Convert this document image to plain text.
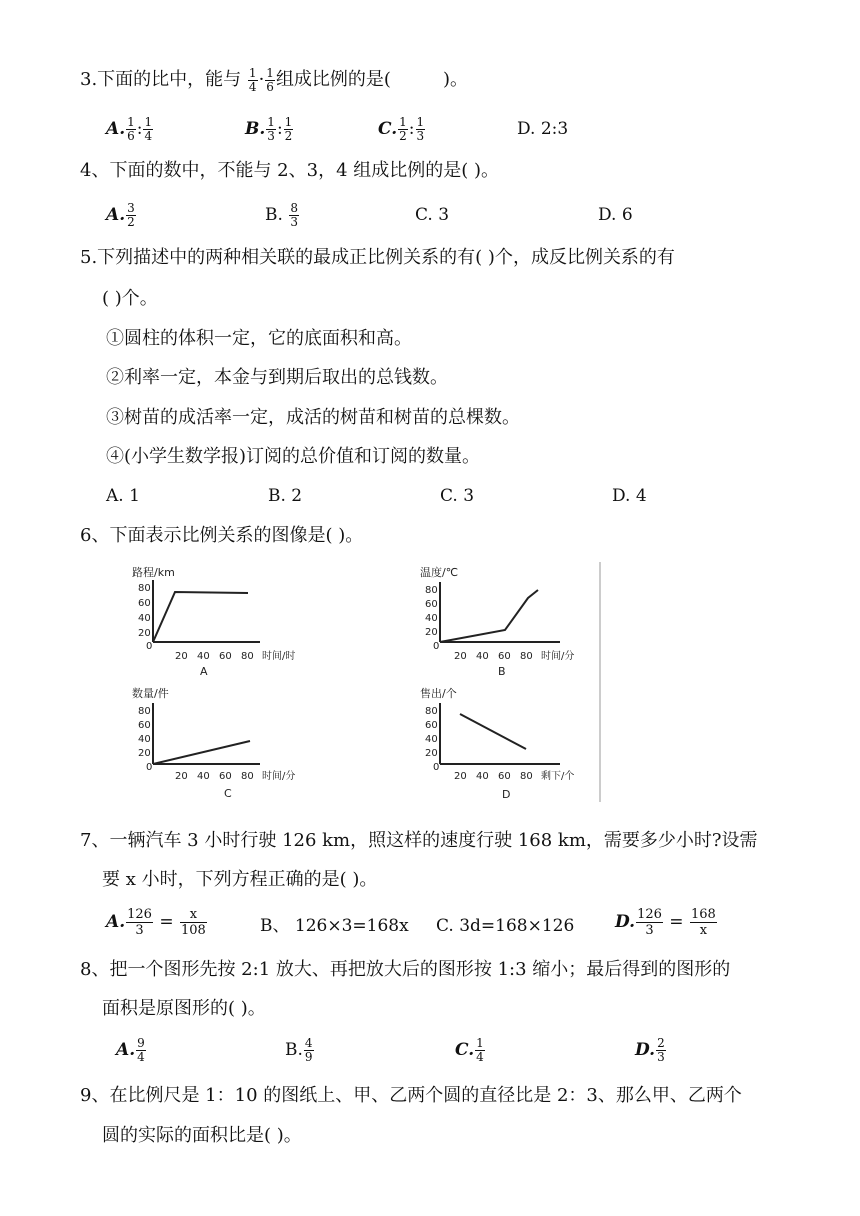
3.下面的比中，能与 $\frac{1}{4} \cdot \frac{1}{6}$ 组成比例的是(	)。
A. $\frac{1}{6}$ : $\frac{1}{4}$	B. $\frac{1}{3}$ : $\frac{1}{2}$	C. $\frac{1}{2}$ : $\frac{1}{3}$	D. 2:3
4、下面的数中，不能与 2、3，4 组成比例的是( )。
A. $\frac{3}{2}$	B. $\frac{8}{3}$	C. 3	D. 6
5.下列描述中的两种相关联的最成正比例关系的有( )个，成反比例关系的有
( )个。
①圆柱的体积一定，它的底面积和高。
②利率一定，本金与到期后取出的总钱数。
③树苗的成活率一定，成活的树苗和树苗的总棵数。
④(小学生数学报)订阅的总价值和订阅的数量。
A. 1	B. 2	C. 3	D. 4
6、下面表示比例关系的图像是( )。
路程/km
80
60
40
20
0
20 40 60 80 时间/时
A
温度/℃
80
60
40
20
0
20 40 60 80 时间/分
B
数量/件
80
60
40
20
0
20 40 60 80 时间/分
C
售出/个
80
60
40
20
0
20 40 60 80 剩下/个
D
7、一辆汽车 3 小时行驶 126 km，照这样的速度行驶 168 km，需要多少小时?设需
要 x 小时，下列方程正确的是( )。
A. $\frac{126}{3} = \frac{x}{108}$	B、 126×3=168x C. 3d=168×126 D. $\frac{126}{3} = \frac{168}{x}$
8、把一个图形先按 2:1 放大、再把放大后的图形按 1:3 缩小；最后得到的图形的
面积是原图形的( )。
A. $\frac{9}{4}$	B. $\frac{4}{9}$	C. $\frac{1}{4}$	D. $\frac{2}{3}$
9、在比例尺是 1：10 的图纸上、甲、乙两个圆的直径比是 2：3、那么甲、乙两个
圆的实际的面积比是( )。
